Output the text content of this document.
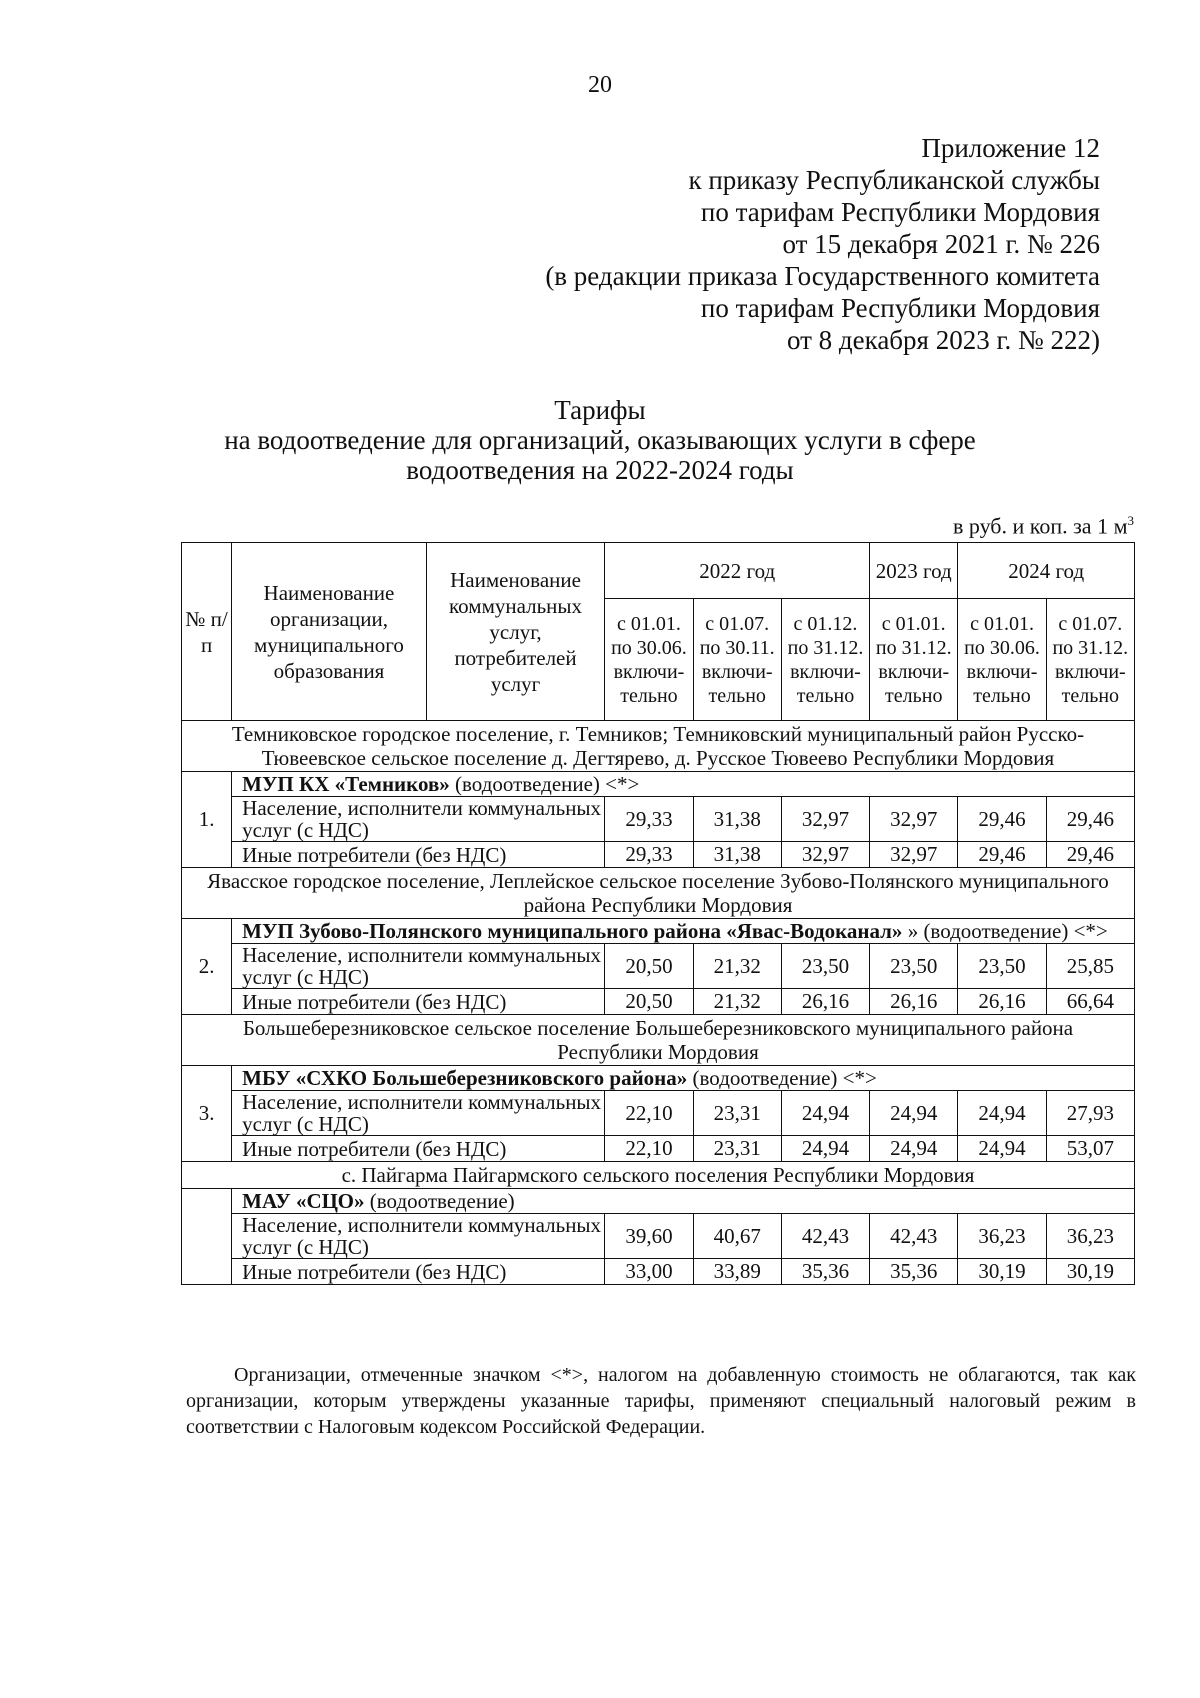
20
Приложение 12
к приказу Республиканской службы
по тарифам Республики Мордовия
от 15 декабря 2021 г. № 226
(в редакции приказа Государственного комитета
по тарифам Республики Мордовия
от 8 декабря 2023 г. № 222)
Тарифы
на водоотведение для организаций, оказывающих услуги в сфере
водоотведения на 2022-2024 годы
в руб. и коп. за 1 $м^3$
№ п/п	Наименование организации, муниципального образования	Наименование коммунальных услуг, потребителей услуг	2022 год			2023 год	2024 год	
			с 01.01. по 30.06. включи-тельно	с 01.07. по 30.11. включи-тельно	с 01.12. по 31.12. включи-тельно	с 01.01. по 31.12. включи-тельно	с 01.01. по 30.06. включи-тельно	с 01.07. по 31.12. включи-тельно
Темниковское городское поселение, г. Темников; Темниковский муниципальный район Русско-Тювеевское сельское поселение д. Дегтярево, д. Русское Тювеево Республики Мордовия								
1.	МУП КХ «Темников» (водоотведение) <*>							
	Население, исполнители коммунальных услуг (с НДС)		29,33	31,38	32,97	32,97	29,46	29,46
	Иные потребители (без НДС)		29,33	31,38	32,97	32,97	29,46	29,46
Явасское городское поселение, Леплейское сельское поселение Зубово-Полянского муниципального района Республики Мордовия								
2.	МУП Зубово-Полянского муниципального района «Явас-Водоканал» » (водоотведение) <*>							
	Население, исполнители коммунальных услуг (с НДС)		20,50	21,32	23,50	23,50	23,50	25,85
	Иные потребители (без НДС)		20,50	21,32	26,16	26,16	26,16	66,64
Большеберезниковское сельское поселение Большеберезниковского муниципального района Республики Мордовия								
3.	МБУ «СХКО Большеберезниковского района» (водоотведение) <*>							
	Население, исполнители коммунальных услуг (с НДС)		22,10	23,31	24,94	24,94	24,94	27,93
	Иные потребители (без НДС)		22,10	23,31	24,94	24,94	24,94	53,07
с. Пайгарма Пайгармского сельского поселения Республики Мордовия								
	МАУ «СЦО» (водоотведение)							
	Население, исполнители коммунальных услуг (с НДС)		39,60	40,67	42,43	42,43	36,23	36,23
	Иные потребители (без НДС)		33,00	33,89	35,36	35,36	30,19	30,19
Организации, отмеченные значком <*>, налогом на добавленную стоимость не облагаются, так как организации, которым утверждены указанные тарифы, применяют специальный налоговый режим в соответствии с Налоговым кодексом Российской Федерации.
